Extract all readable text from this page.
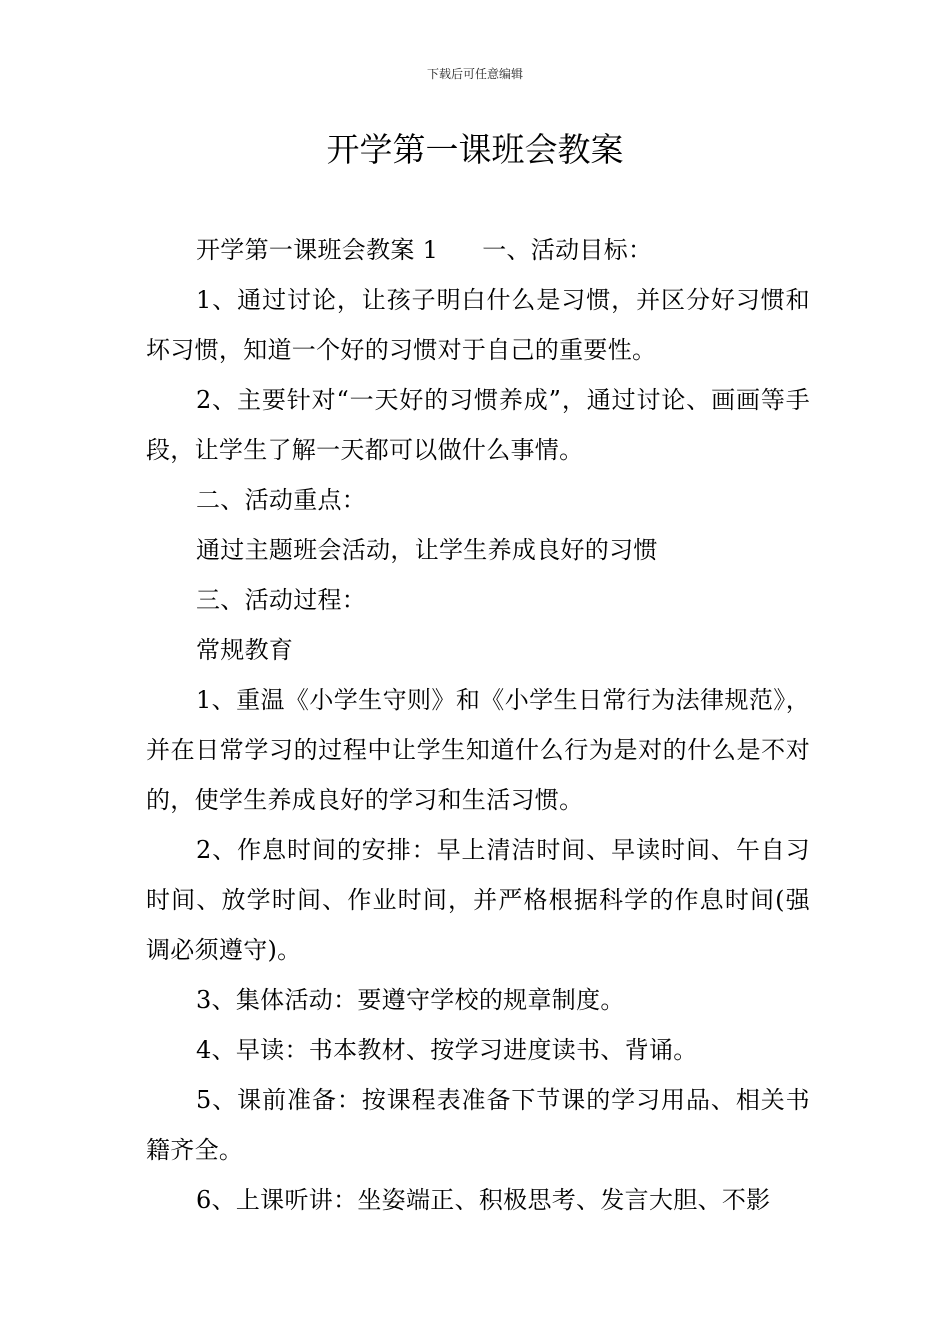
下载后可任意编辑
开学第一课班会教案

开学第一课班会教案 1 一、活动目标：

1、通过讨论，让孩子明白什么是习惯，并区分好习惯和坏习惯，知道一个好的习惯对于自己的重要性。

2、主要针对“一天好的习惯养成”，通过讨论、画画等手段，让学生了解一天都可以做什么事情。

二、活动重点：

通过主题班会活动，让学生养成良好的习惯

三、活动过程：

常规教育

1、重温《小学生守则》和《小学生日常行为法律规范》，并在日常学习的过程中让学生知道什么行为是对的什么是不对的，使学生养成良好的学习和生活习惯。

2、作息时间的安排：早上清洁时间、早读时间、午自习时间、放学时间、作业时间，并严格根据科学的作息时间(强调必须遵守)。

3、集体活动：要遵守学校的规章制度。

4、早读：书本教材、按学习进度读书、背诵。

5、课前准备：按课程表准备下节课的学习用品、相关书籍齐全。

6、上课听讲：坐姿端正、积极思考、发言大胆、不影
